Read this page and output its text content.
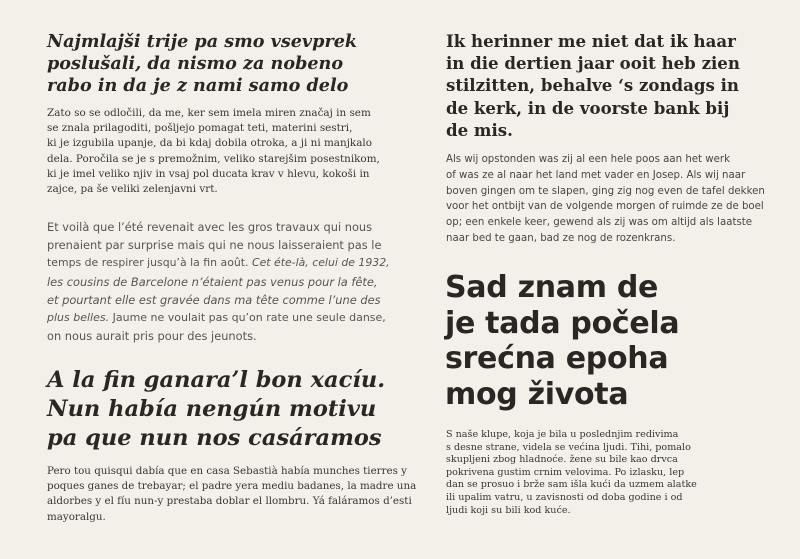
Najmlajši trije pa smo vsevprek
poslušali, da nismo za nobeno
rabo in da je z nami samo delo
Zato so se odločili, da me, ker sem imela miren značaj in sem
se znala prilagoditi, pošljejo pomagat teti, materini sestri,
ki je izgubila upanje, da bi kdaj dobila otroka, a ji ni manjkalo
dela. Poročila se je s premožnim, veliko starejšim posestnikom,
ki je imel veliko njiv in vsaj pol ducata krav v hlevu, kokoši in
zajce, pa še veliki zelenjavni vrt.
Et voilà que l’été revenait avec les gros travaux qui nous
prenaient par surprise mais qui ne nous laisseraient pas le
temps de respirer jusqu’à la fin août. Cet éte-là, celui de 1932,
les cousins de Barcelone n’étaient pas venus pour la fête,
et pourtant elle est gravée dans ma tête comme l’une des
plus belles. Jaume ne voulait pas qu’on rate une seule danse,
on nous aurait pris pour des jeunots.
A la fin ganara’l bon xacíu.
Nun había nengún motivu
pa que nun nos casáramos
Pero tou quisqui dabía que en casa Sebastià había munches tierres y
poques ganes de trebayar; el padre yera mediu badanes, la madre una
aldorbes y el fíu nun-y prestaba doblar el llombru. Yá faláramos d’esti
mayoralgu.
Ik herinner me niet dat ik haar
in die dertien jaar ooit heb zien
stilzitten, behalve ‘s zondags in
de kerk, in de voorste bank bij
de mis.
Als wij opstonden was zij al een hele poos aan het werk
of was ze al naar het land met vader en Josep. Als wij naar
boven gingen om te slapen, ging zig nog even de tafel dekken
voor het ontbijt van de volgende morgen of ruimde ze de boel
op; een enkele keer, gewend als zij was om altijd als laatste
naar bed te gaan, bad ze nog de rozenkrans.
Sad znam de
je tada počela
srećna epoha
mog života
S naše klupe, koja je bila u poslednjim redivima
s desne strane, videla se većina ljudi. Tihi, pomalo
skupljeni zbog hladnoće. žene su bile kao drvca
pokrivena gustim crnim velovima. Po izlasku, lep
dan se prosuo i brže sam išla kući da uzmem alatke
ili upalim vatru, u zavisnosti od doba godine i od
ljudi koji su bili kod kuće.
